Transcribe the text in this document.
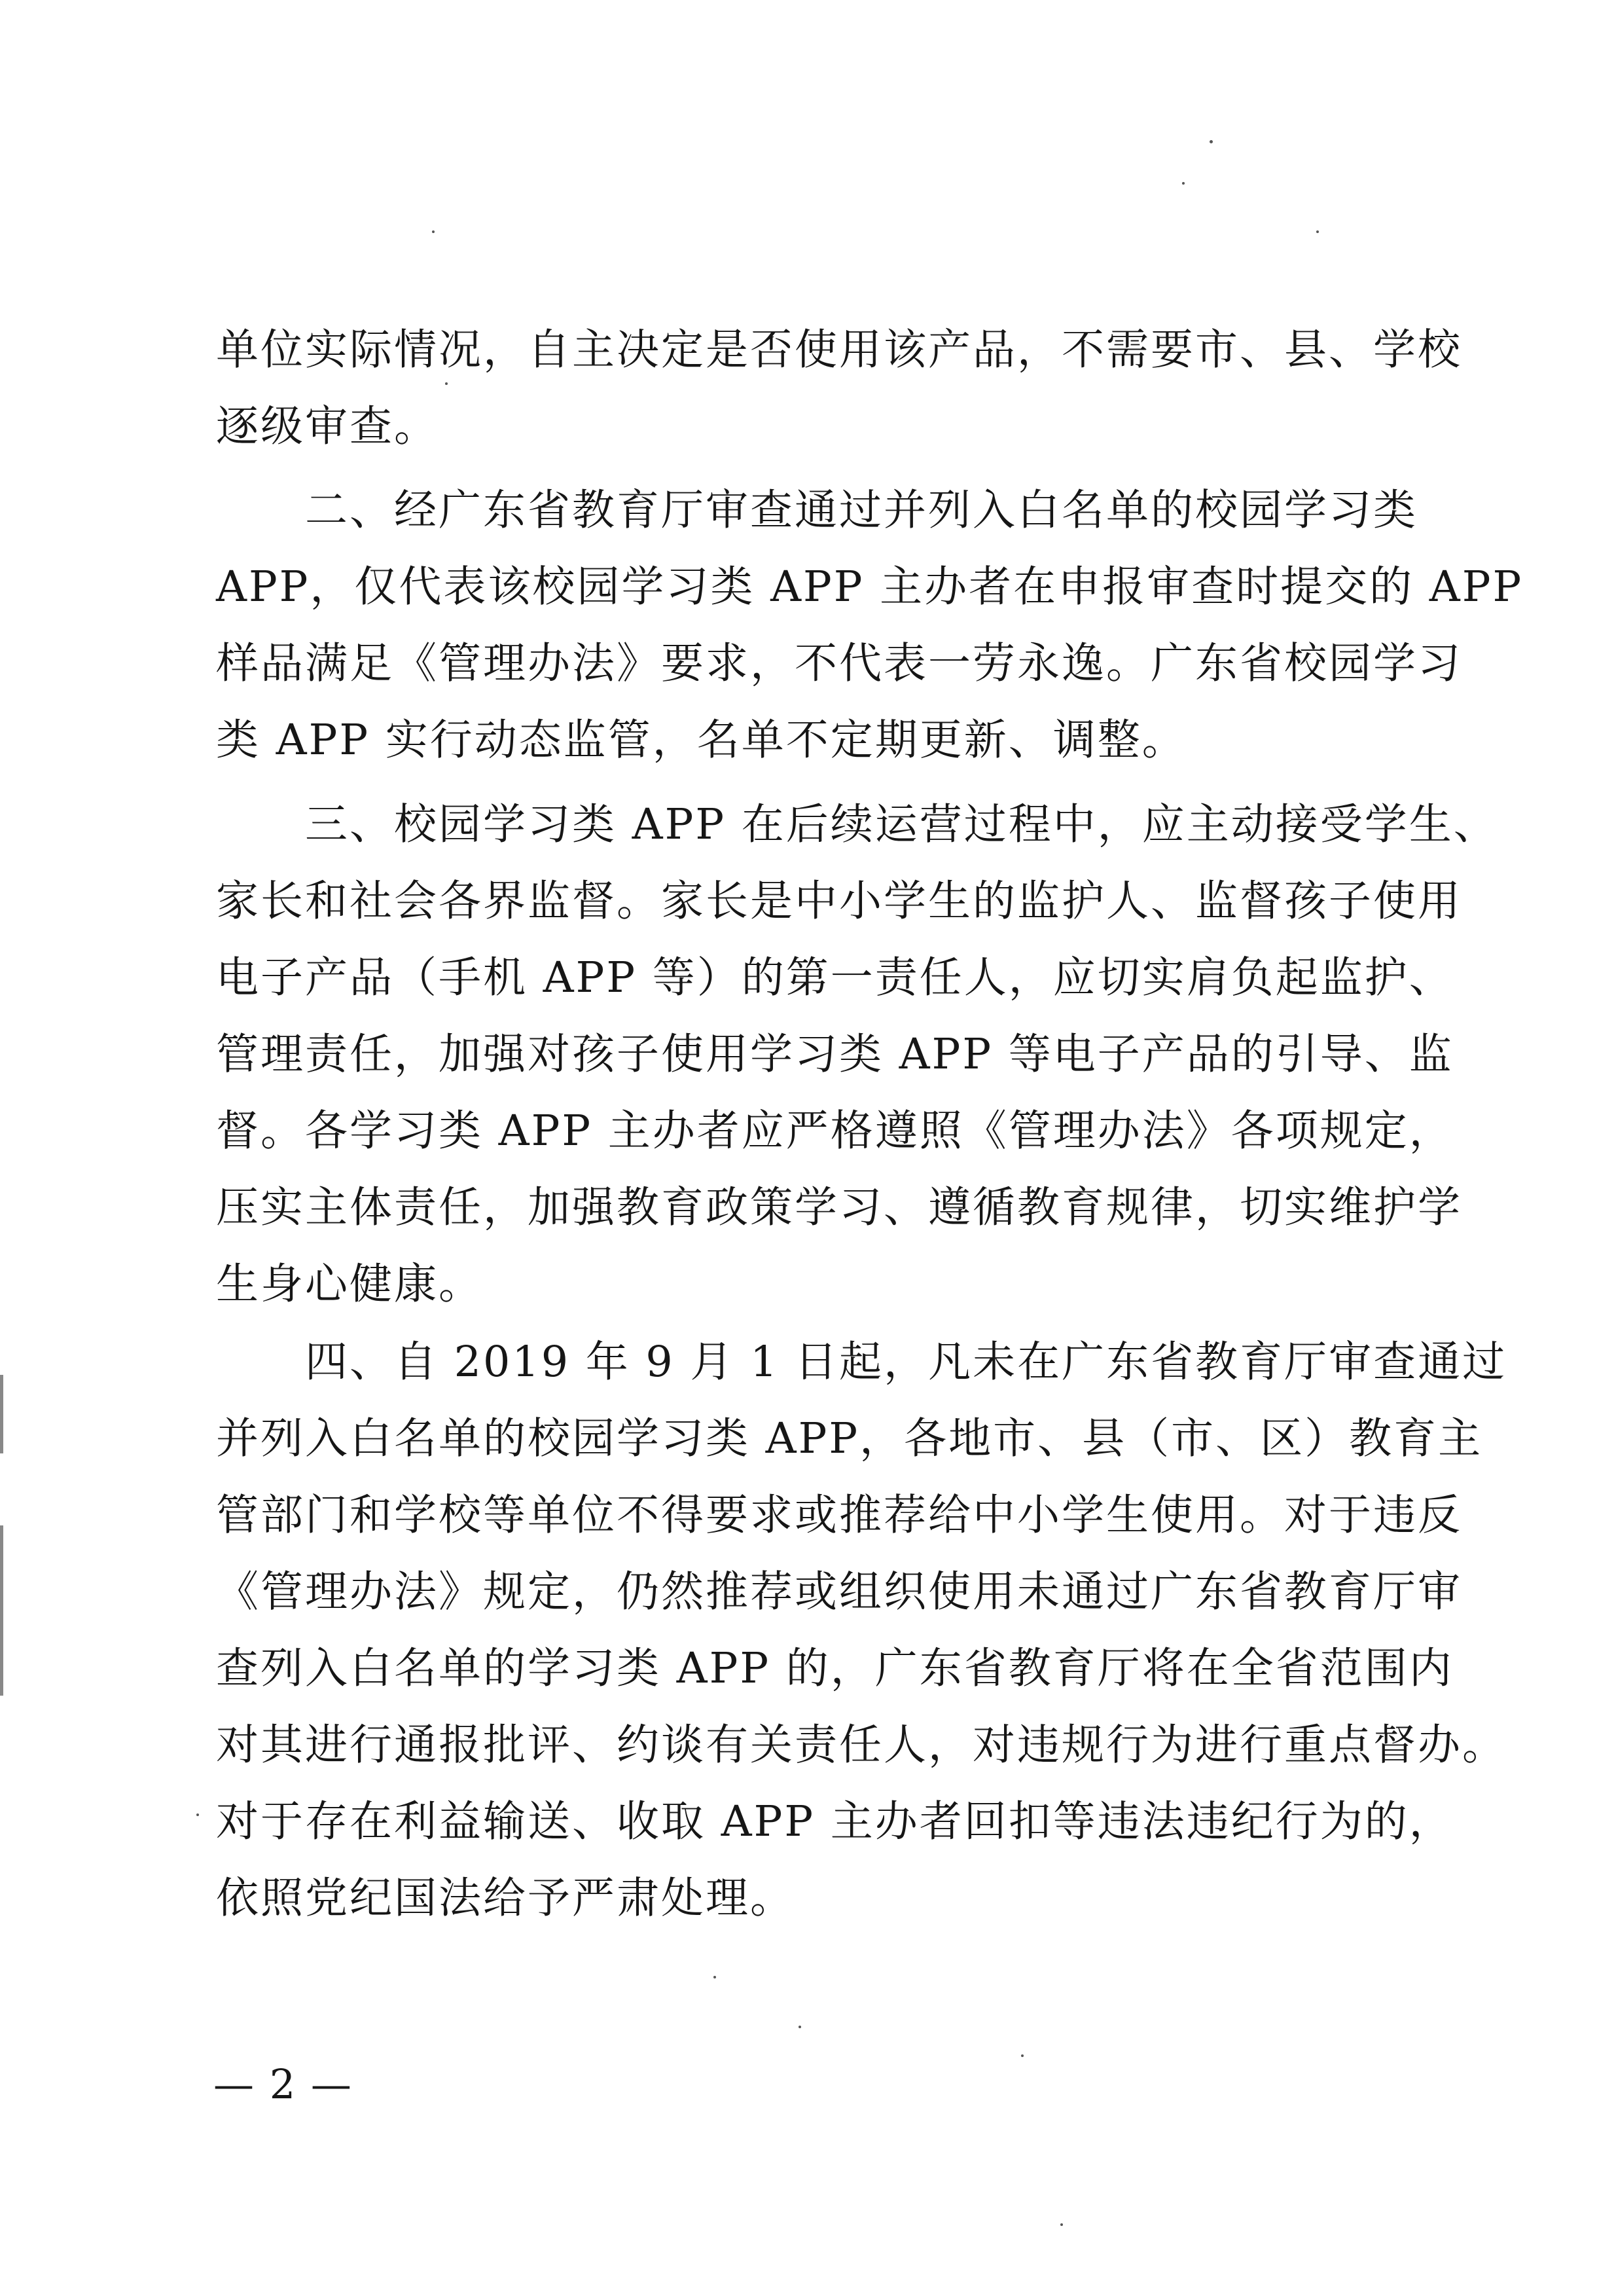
单位实际情况，自主决定是否使用该产品，不需要市、县、学校
逐级审查。
　　二、经广东省教育厅审查通过并列入白名单的校园学习类
APP，仅代表该校园学习类 APP 主办者在申报审查时提交的 APP
样品满足《管理办法》要求，不代表一劳永逸。广东省校园学习
类 APP 实行动态监管，名单不定期更新、调整。
　　三、校园学习类 APP 在后续运营过程中，应主动接受学生、
家长和社会各界监督。家长是中小学生的监护人、监督孩子使用
电子产品（手机 APP 等）的第一责任人，应切实肩负起监护、
管理责任，加强对孩子使用学习类 APP 等电子产品的引导、监
督。各学习类 APP 主办者应严格遵照《管理办法》各项规定，
压实主体责任，加强教育政策学习、遵循教育规律，切实维护学
生身心健康。
　　四、自 2019 年 9 月 1 日起，凡未在广东省教育厅审查通过
并列入白名单的校园学习类 APP，各地市、县（市、区）教育主
管部门和学校等单位不得要求或推荐给中小学生使用。对于违反
《管理办法》规定，仍然推荐或组织使用未通过广东省教育厅审
查列入白名单的学习类 APP 的，广东省教育厅将在全省范围内
对其进行通报批评、约谈有关责任人，对违规行为进行重点督办。
对于存在利益输送、收取 APP 主办者回扣等违法违纪行为的，
依照党纪国法给予严肃处理。
— 2 —
